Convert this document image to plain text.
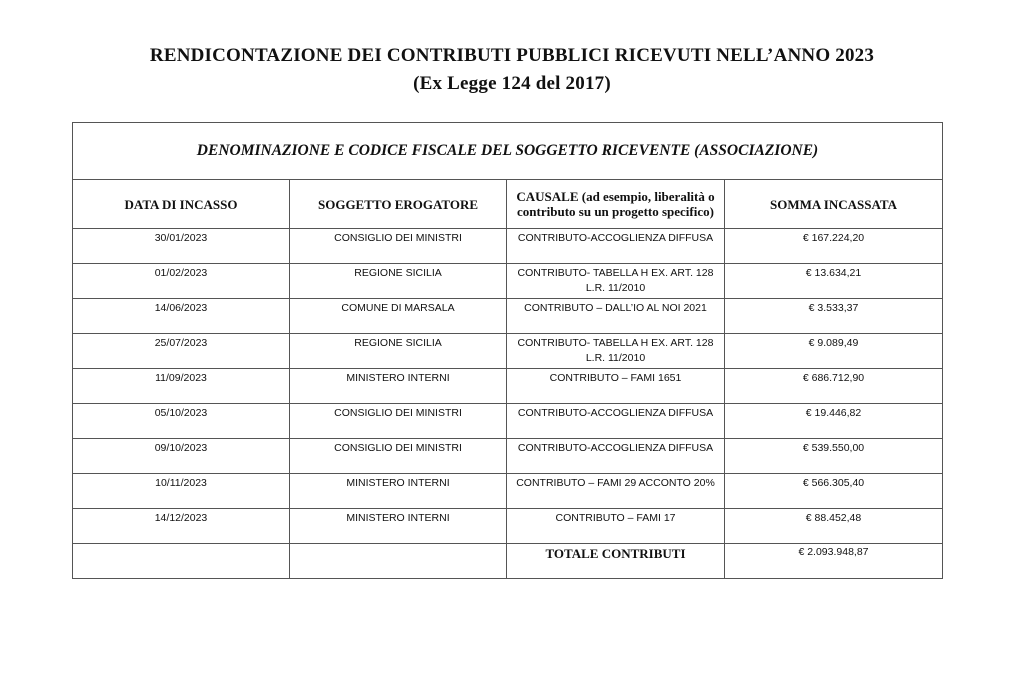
RENDICONTAZIONE DEI CONTRIBUTI PUBBLICI RICEVUTI NELL’ANNO 2023
(Ex Legge 124 del 2017)
DENOMINAZIONE E CODICE FISCALE DEL SOGGETTO RICEVENTE (ASSOCIAZIONE)			
DATA DI INCASSO	SOGGETTO EROGATORE	CAUSALE (ad esempio, liberalità o contributo su un progetto specifico)	SOMMA INCASSATA
30/01/2023	CONSIGLIO DEI MINISTRI	CONTRIBUTO-ACCOGLIENZA DIFFUSA	€ 167.224,20
01/02/2023	REGIONE SICILIA	CONTRIBUTO- TABELLA H EX. ART. 128 L.R. 11/2010	€ 13.634,21
14/06/2023	COMUNE DI MARSALA	CONTRIBUTO – DALL’IO AL NOI 2021	€ 3.533,37
25/07/2023	REGIONE SICILIA	CONTRIBUTO- TABELLA H EX. ART. 128 L.R. 11/2010	€ 9.089,49
11/09/2023	MINISTERO INTERNI	CONTRIBUTO – FAMI 1651	€ 686.712,90
05/10/2023	CONSIGLIO DEI MINISTRI	CONTRIBUTO-ACCOGLIENZA DIFFUSA	€ 19.446,82
09/10/2023	CONSIGLIO DEI MINISTRI	CONTRIBUTO-ACCOGLIENZA DIFFUSA	€ 539.550,00
10/11/2023	MINISTERO INTERNI	CONTRIBUTO – FAMI 29 ACCONTO 20%	€ 566.305,40
14/12/2023	MINISTERO INTERNI	CONTRIBUTO – FAMI 17	€ 88.452,48
		TOTALE CONTRIBUTI	€ 2.093.948,87
